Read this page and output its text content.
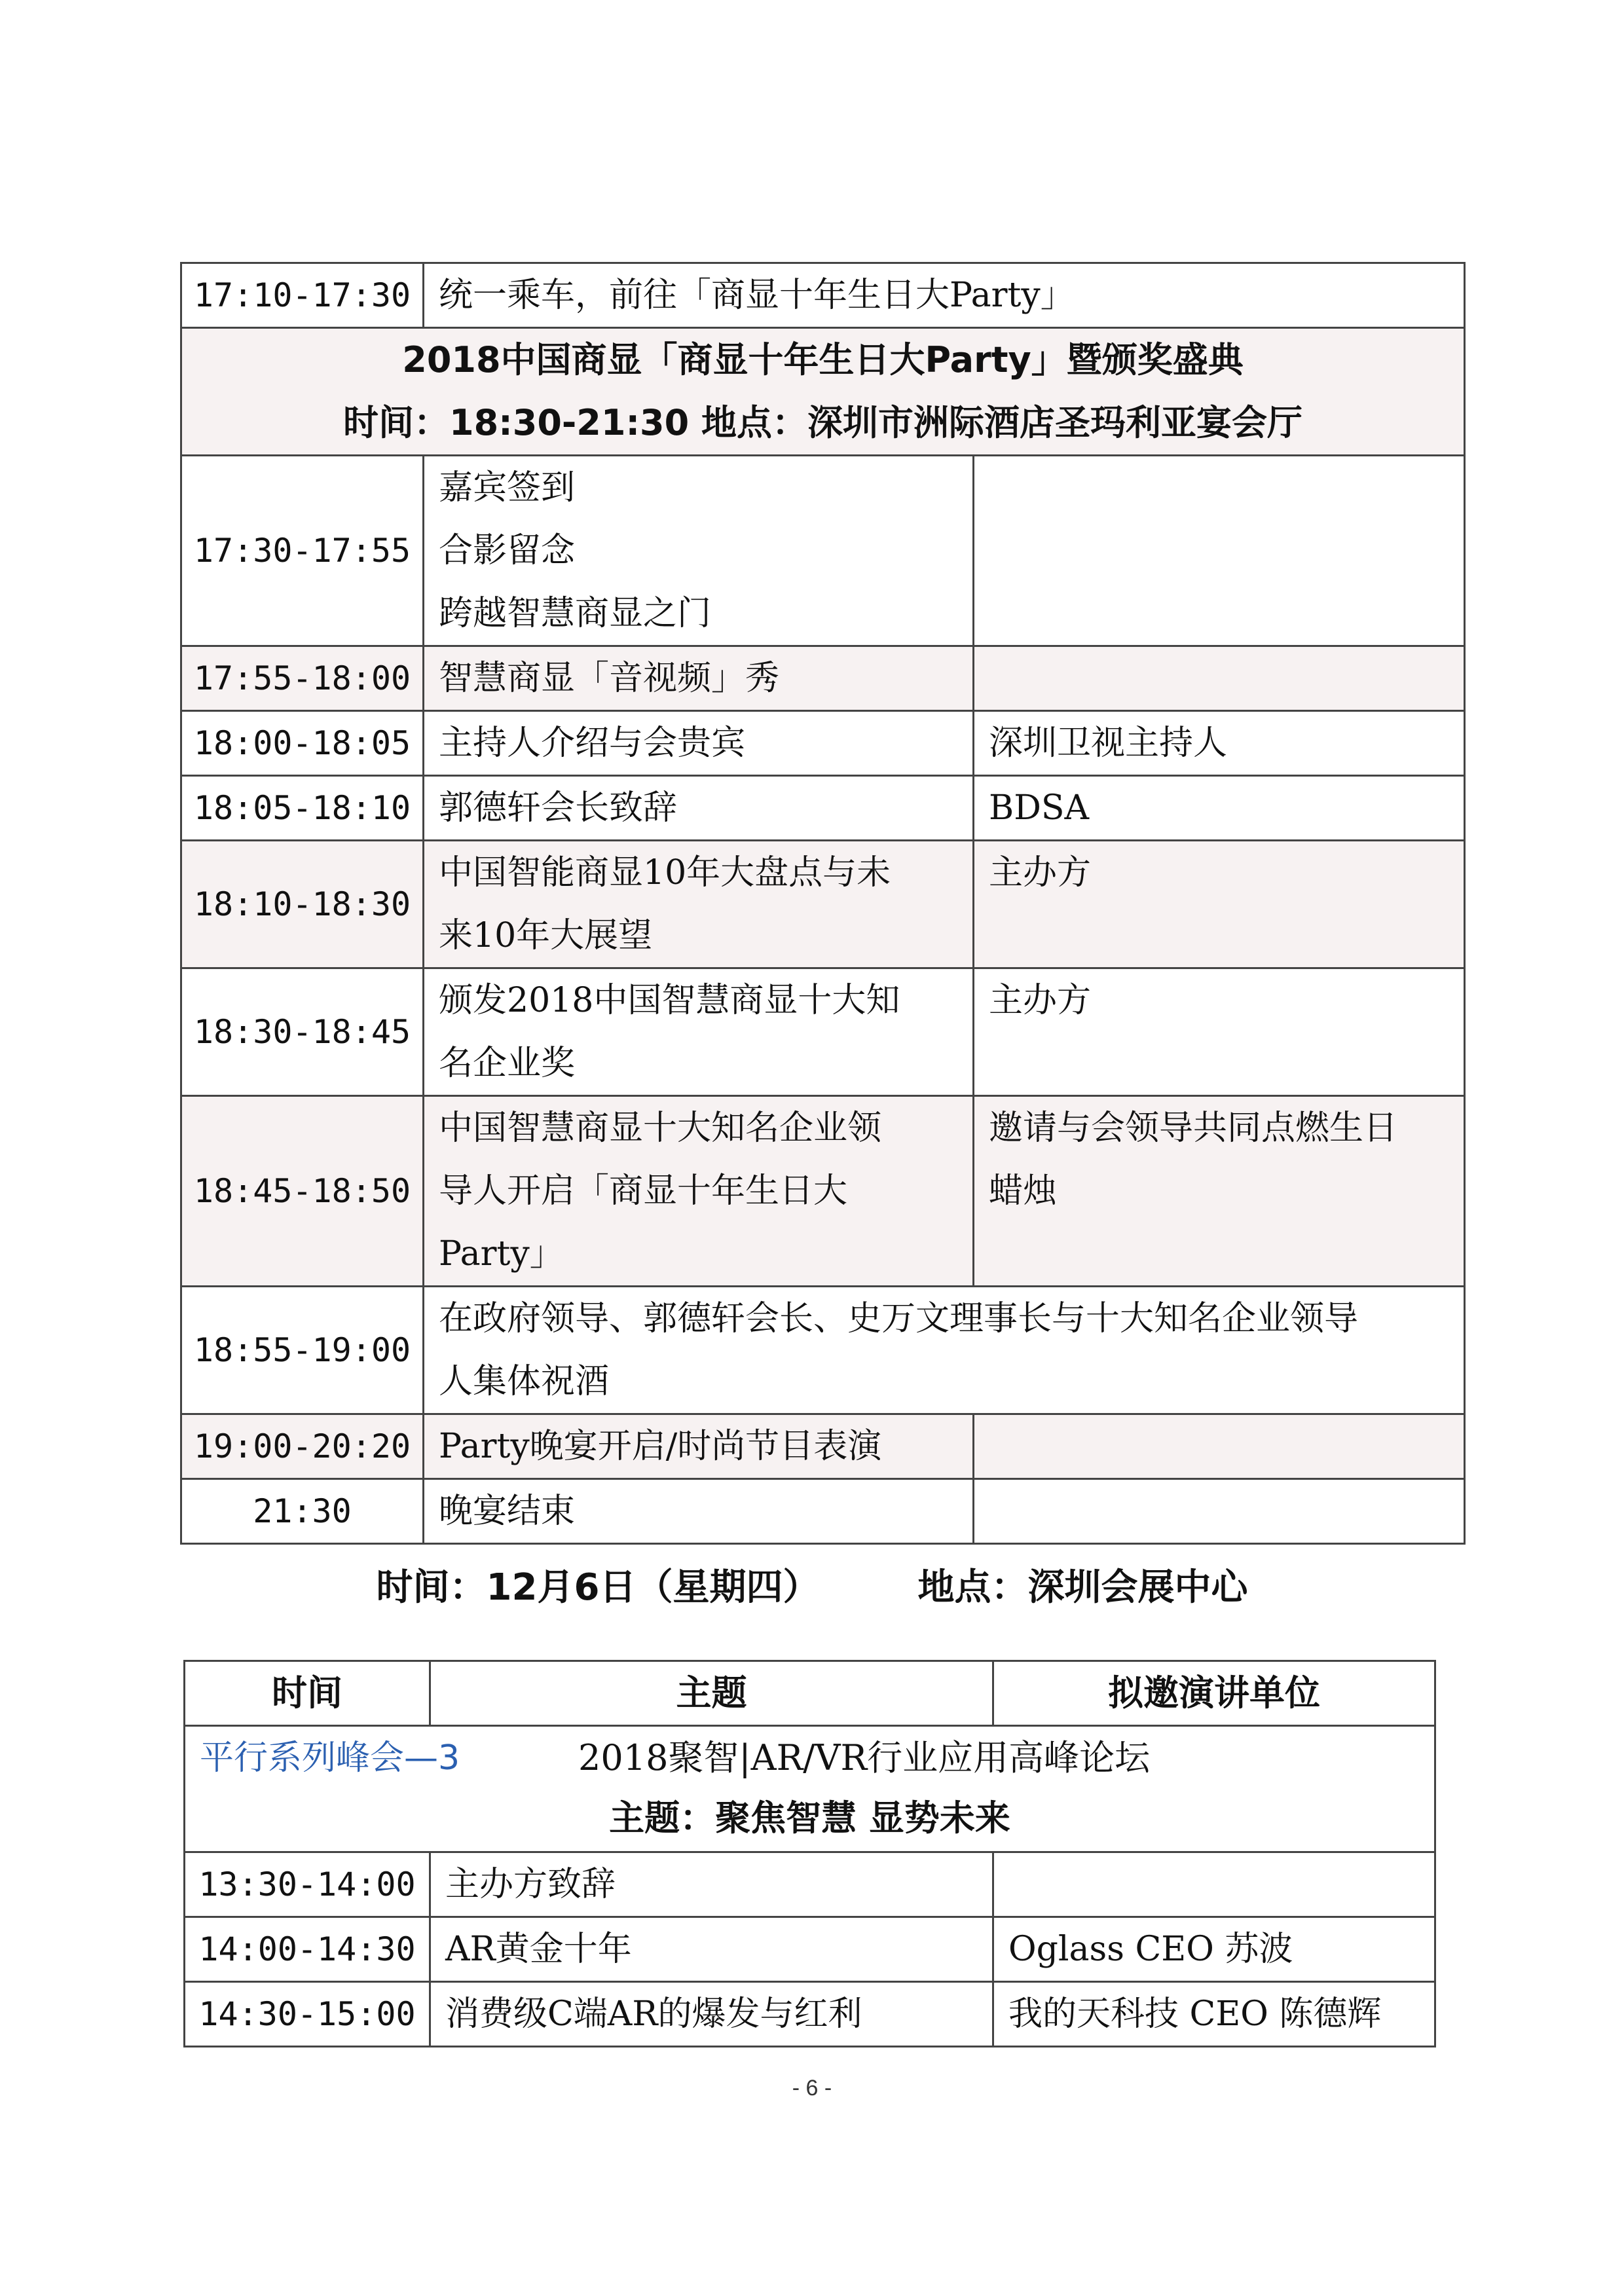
17:10-17:30	统一乘车，前往「商显十年生日大Party」	

2018中国商显「商显十年生日大Party」暨颁奖盛典
时间：18:30-21:30 地点：深圳市洲际酒店圣玛利亚宴会厅		

17:30-17:55	嘉宾签到
合影留念
跨越智慧商显之门	

17:55-18:00	智慧商显「音视频」秀	
18:00-18:05	主持人介绍与会贵宾	深圳卫视主持人
18:05-18:10	郭德轩会长致辞	BDSA
18:10-18:30	中国智能商显10年大盘点与未
来10年大展望	主办方
18:30-18:45	颁发2018中国智慧商显十大知
名企业奖	主办方
18:45-18:50	中国智慧商显十大知名企业领
导人开启「商显十年生日大
Party」	邀请与会领导共同点燃生日
蜡烛

18:55-19:00	在政府领导、郭德轩会长、史万文理事长与十大知名企业领导
人集体祝酒	

19:00-20:20	Party晚宴开启/时尚节目表演	
21:30	晚宴结束	
时间：12月6日（星期四）	地点：深圳会展中心
时间	主题	拟邀演讲单位

平行系列峰会—3 2018聚智|AR/VR行业应用高峰论坛
主题：聚焦智慧 显势未来		

13:30-14:00	主办方致辞	
14:00-14:30	AR黄金十年	Oglass CEO 苏波
14:30-15:00	消费级C端AR的爆发与红利	我的天科技 CEO 陈德辉
- 6 -
